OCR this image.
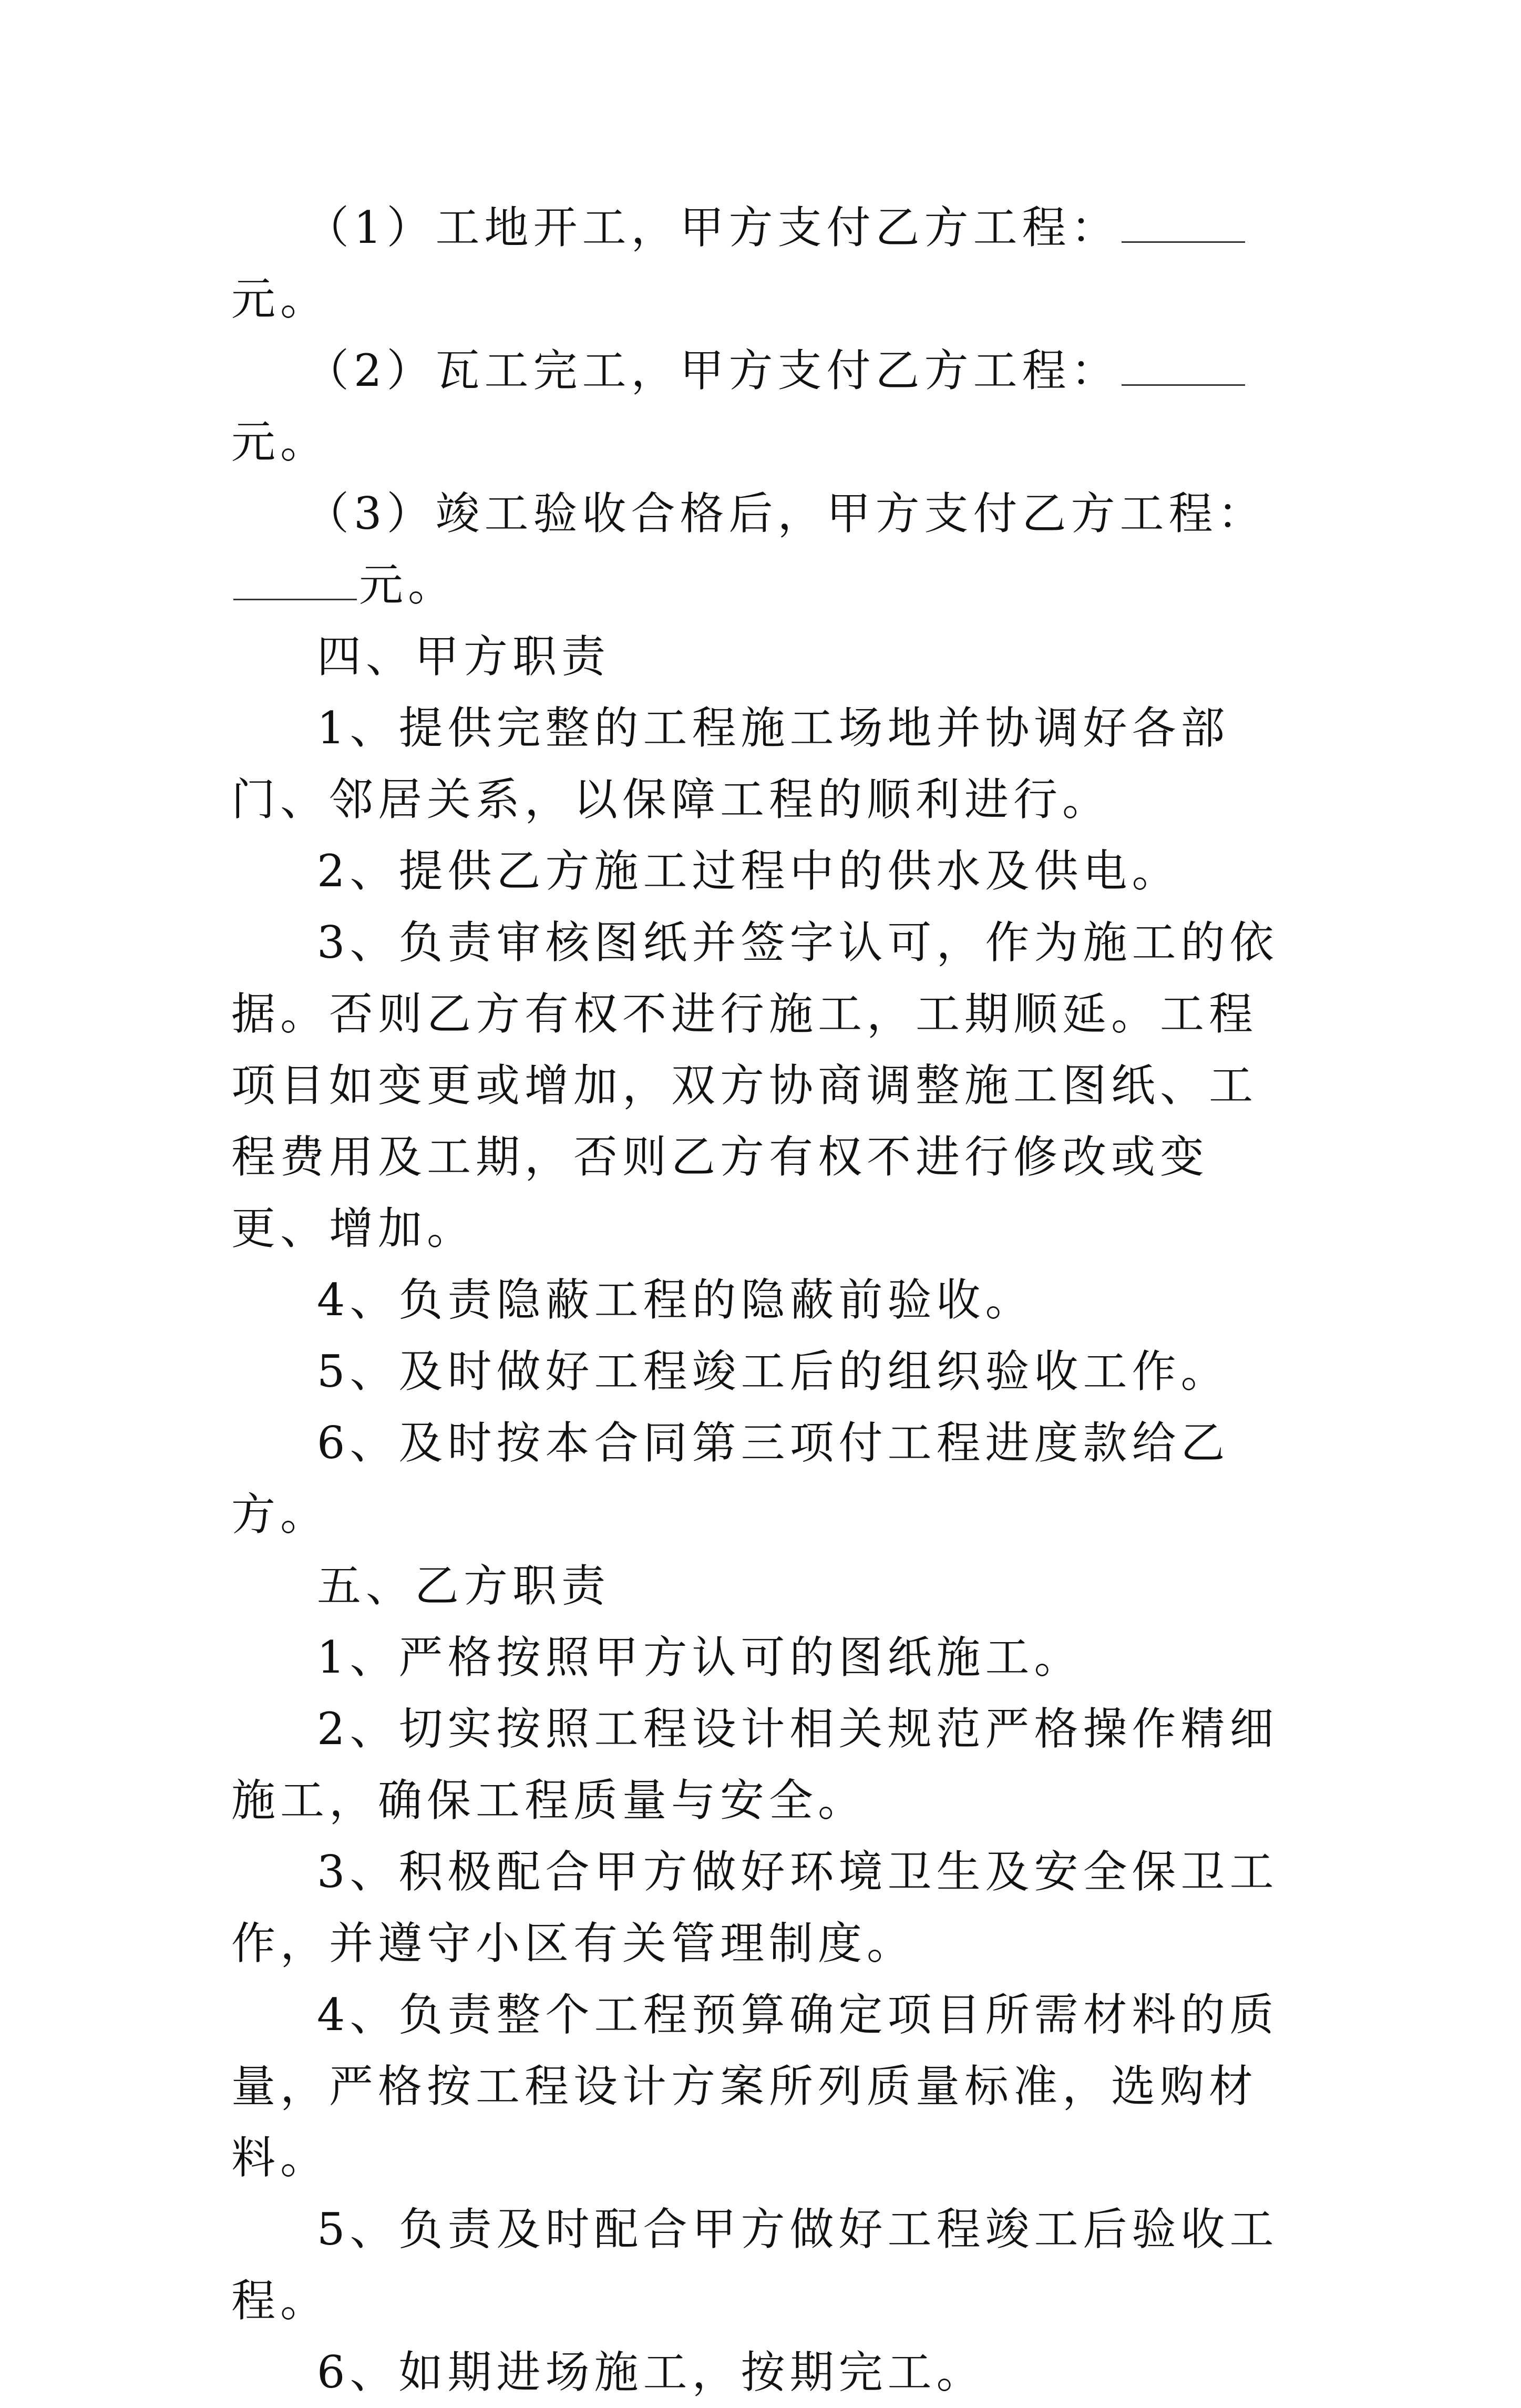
（1）工地开工，甲方支付乙方工程：元。

（2）瓦工完工，甲方支付乙方工程：元。

（3）竣工验收合格后，甲方支付乙方工程：元。

四、甲方职责

1、提供完整的工程施工场地并协调好各部门、邻居关系，以保障工程的顺利进行。

2、提供乙方施工过程中的供水及供电。

3、负责审核图纸并签字认可，作为施工的依据。否则乙方有权不进行施工，工期顺延。工程项目如变更或增加，双方协商调整施工图纸、工程费用及工期，否则乙方有权不进行修改或变更、增加。

4、负责隐蔽工程的隐蔽前验收。

5、及时做好工程竣工后的组织验收工作。

6、及时按本合同第三项付工程进度款给乙方。

五、乙方职责

1、严格按照甲方认可的图纸施工。

2、切实按照工程设计相关规范严格操作精细施工，确保工程质量与安全。

3、积极配合甲方做好环境卫生及安全保卫工作，并遵守小区有关管理制度。

4、负责整个工程预算确定项目所需材料的质量，严格按工程设计方案所列质量标准，选购材料。

5、负责及时配合甲方做好工程竣工后验收工程。

6、如期进场施工，按期完工。
